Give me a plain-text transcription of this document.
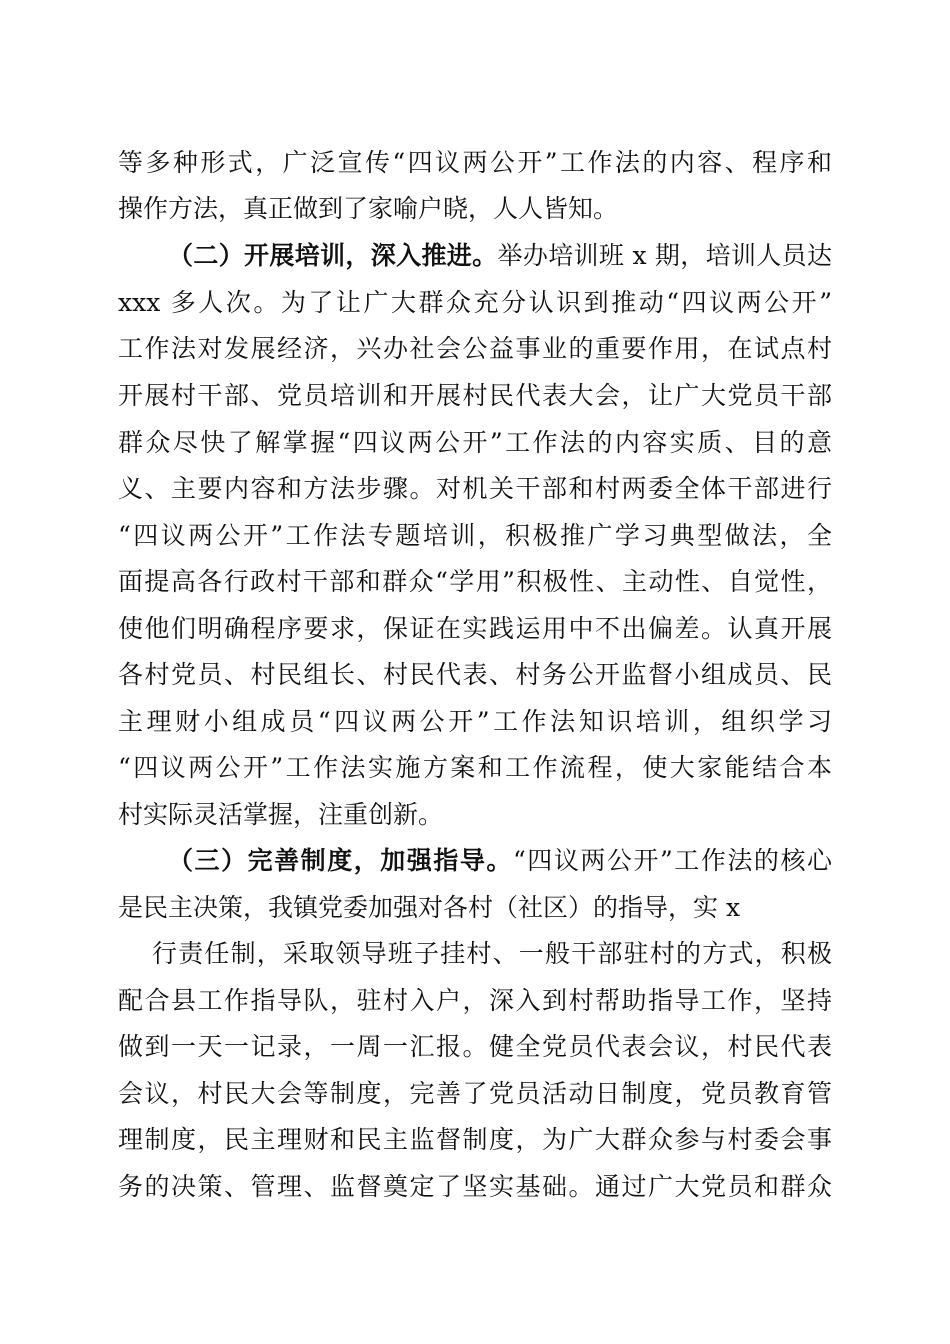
等多种形式，广泛宣传“四议两公开”工作法的内容、程序和
操作方法，真正做到了家喻户晓，人人皆知。
（二）开展培训，深入推进。举办培训班 x 期，培训人员达
xxx 多人次。为了让广大群众充分认识到推动“四议两公开”
工作法对发展经济，兴办社会公益事业的重要作用，在试点村
开展村干部、党员培训和开展村民代表大会，让广大党员干部
群众尽快了解掌握“四议两公开”工作法的内容实质、目的意
义、主要内容和方法步骤。对机关干部和村两委全体干部进行
“四议两公开”工作法专题培训，积极推广学习典型做法，全
面提高各行政村干部和群众“学用”积极性、主动性、自觉性，
使他们明确程序要求，保证在实践运用中不出偏差。认真开展
各村党员、村民组长、村民代表、村务公开监督小组成员、民
主理财小组成员“四议两公开”工作法知识培训，组织学习
“四议两公开”工作法实施方案和工作流程，使大家能结合本
村实际灵活掌握，注重创新。
（三）完善制度，加强指导。“四议两公开”工作法的核心
是民主决策，我镇党委加强对各村（社区）的指导，实 x
行责任制，采取领导班子挂村、一般干部驻村的方式，积极
配合县工作指导队，驻村入户，深入到村帮助指导工作，坚持
做到一天一记录，一周一汇报。健全党员代表会议，村民代表
会议，村民大会等制度，完善了党员活动日制度，党员教育管
理制度，民主理财和民主监督制度，为广大群众参与村委会事
务的决策、管理、监督奠定了坚实基础。通过广大党员和群众
